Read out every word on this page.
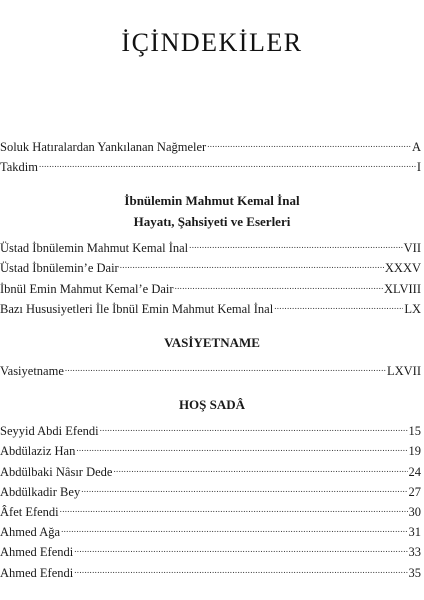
İÇİNDEKİLER
Soluk Hatıralardan Yankılanan Nağmeler .....	A
Takdim .....	I
İbnülemin Mahmut Kemal İnal
Hayatı, Şahsiyeti ve Eserleri
Üstad İbnülemin Mahmut Kemal İnal .....	VII
Üstad İbnülemin’e Dair .....	XXXV
İbnül Emin Mahmut Kemal’e Dair .....	XLVIII
Bazı Hususiyetleri İle İbnül Emin Mahmut Kemal İnal .....	LX
VASİYETNAME
Vasiyetname .....	LXVII
HOŞ SADÂ
Seyyid Abdi Efendi .....	15
Abdülaziz Han .....	19
Abdülbaki Nâsır Dede .....	24
Abdülkadir Bey .....	27
Âfet Efendi .....	30
Ahmed Ağa .....	31
Ahmed Efendi .....	33
Ahmed Efendi .....	35
